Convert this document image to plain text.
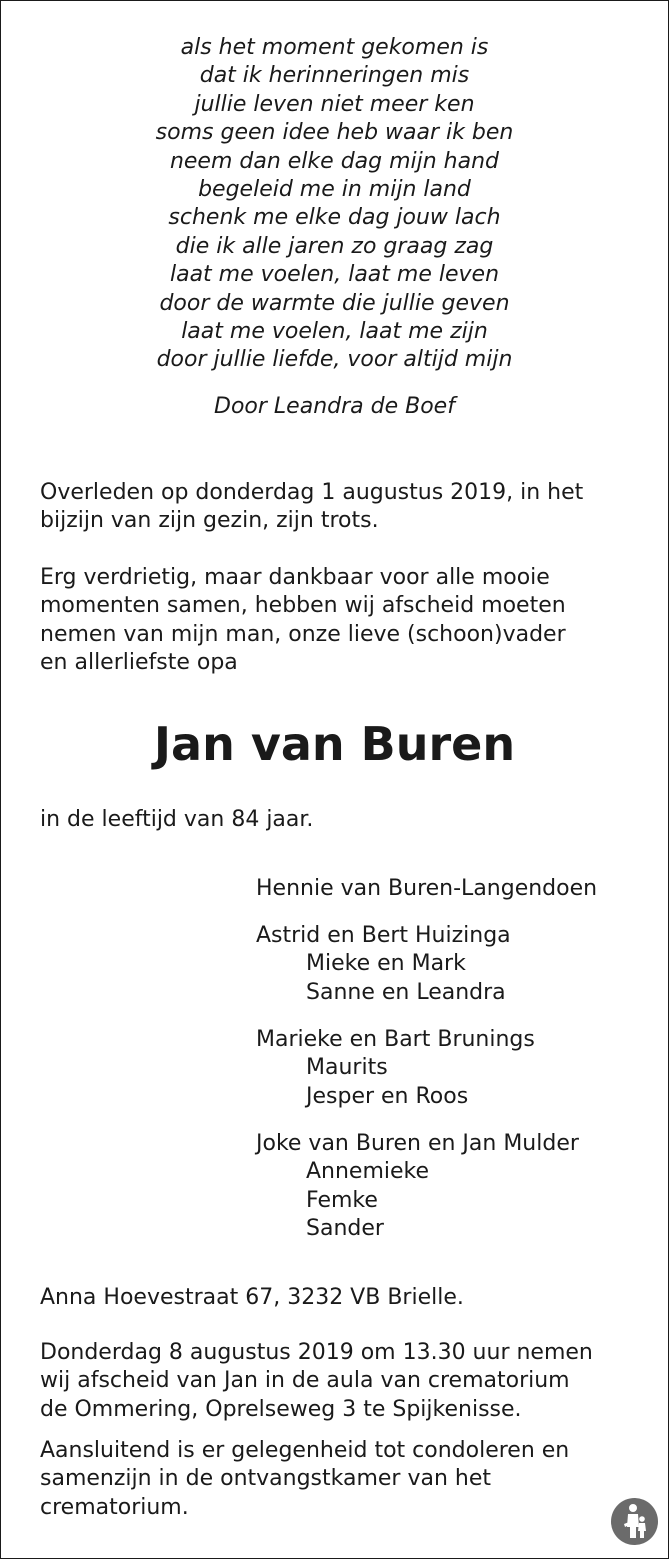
als het moment gekomen is
dat ik herinneringen mis
jullie leven niet meer ken
soms geen idee heb waar ik ben
neem dan elke dag mijn hand
begeleid me in mijn land
schenk me elke dag jouw lach
die ik alle jaren zo graag zag
laat me voelen, laat me leven
door de warmte die jullie geven
laat me voelen, laat me zijn
door jullie liefde, voor altijd mijn
Door Leandra de Boef
Overleden op donderdag 1 augustus 2019, in het
bijzijn van zijn gezin, zijn trots.
Erg verdrietig, maar dankbaar voor alle mooie
momenten samen, hebben wij afscheid moeten
nemen van mijn man, onze lieve (schoon)vader
en allerliefste opa
Jan van Buren
in de leeftijd van 84 jaar.
Hennie van Buren-Langendoen
Astrid en Bert Huizinga
Mieke en Mark
Sanne en Leandra
Marieke en Bart Brunings
Maurits
Jesper en Roos
Joke van Buren en Jan Mulder
Annemieke
Femke
Sander
Anna Hoevestraat 67, 3232 VB Brielle.
Donderdag 8 augustus 2019 om 13.30 uur nemen
wij afscheid van Jan in de aula van crematorium
de Ommering, Oprelseweg 3 te Spijkenisse.
Aansluitend is er gelegenheid tot condoleren en
samenzijn in de ontvangstkamer van het
crematorium.
